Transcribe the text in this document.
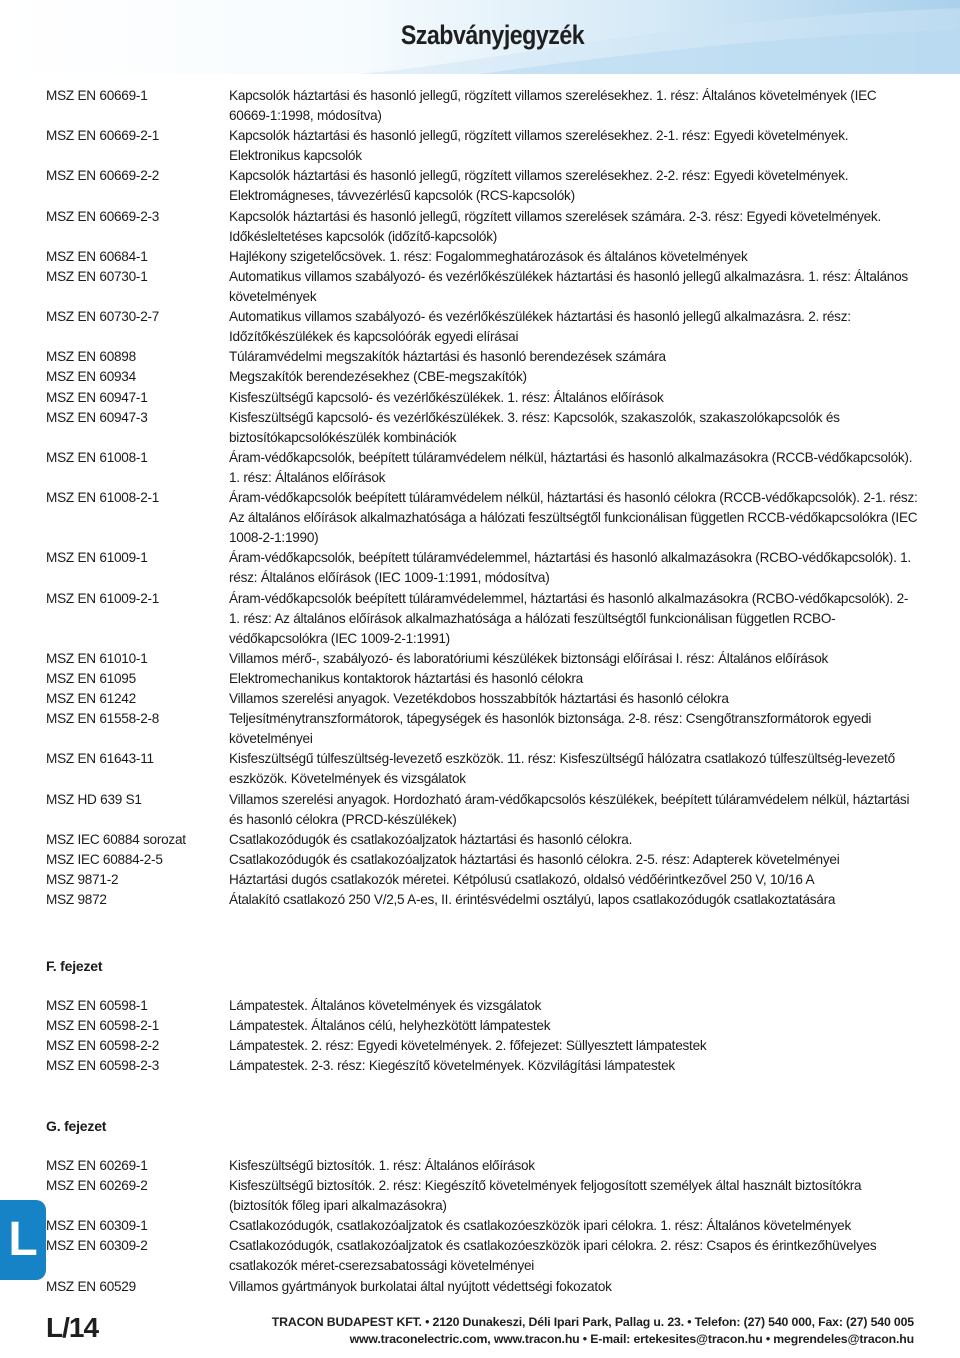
Szabványjegyzék
MSZ EN 60669-1	Kapcsolók háztartási és hasonló jellegű, rögzített villamos szerelésekhez. 1. rész: Általános követelmények (IEC 60669-1:1998, módosítva)
MSZ EN 60669-2-1	Kapcsolók háztartási és hasonló jellegű, rögzített villamos szerelésekhez. 2-1. rész: Egyedi követelmények. Elektronikus kapcsolók
MSZ EN 60669-2-2	Kapcsolók háztartási és hasonló jellegű, rögzített villamos szerelésekhez. 2-2. rész: Egyedi követelmények. Elektromágneses, távvezérlésű kapcsolók (RCS-kapcsolók)
MSZ EN 60669-2-3	Kapcsolók háztartási és hasonló jellegű, rögzített villamos szerelések számára. 2-3. rész: Egyedi követelmények. Időkésleltetéses kapcsolók (időzítő-kapcsolók)
MSZ EN 60684-1	Hajlékony szigetelőcsövek. 1. rész: Fogalommeghatározások és általános követelmények
MSZ EN 60730-1	Automatikus villamos szabályozó- és vezérlőkészülékek háztartási és hasonló jellegű alkalmazásra. 1. rész: Általános követelmények
MSZ EN 60730-2-7	Automatikus villamos szabályozó- és vezérlőkészülékek háztartási és hasonló jellegű alkalmazásra. 2. rész: Időzítőkészülékek és kapcsolóórák egyedi elírásai
MSZ EN 60898	Túláramvédelmi megszakítók háztartási és hasonló berendezések számára
MSZ EN 60934	Megszakítók berendezésekhez (CBE-megszakítók)
MSZ EN 60947-1	Kisfeszültségű kapcsoló- és vezérlőkészülékek. 1. rész: Általános előírások
MSZ EN 60947-3	Kisfeszültségű kapcsoló- és vezérlőkészülékek. 3. rész: Kapcsolók, szakaszolók, szakaszolókapcsolók és biztosítókapcsolókészülék kombinációk
MSZ EN 61008-1	Áram-védőkapcsolók, beépített túláramvédelem nélkül, háztartási és hasonló alkalmazásokra (RCCB-védőkapcsolók). 1. rész: Általános előírások
MSZ EN 61008-2-1	Áram-védőkapcsolók beépített túláramvédelem nélkül, háztartási és hasonló célokra (RCCB-védőkapcsolók). 2-1. rész: Az általános előírások alkalmazhatósága a hálózati feszültségtől funkcionálisan független RCCB-védőkapcsolókra (IEC 1008-2-1:1990)
MSZ EN 61009-1	Áram-védőkapcsolók, beépített túláramvédelemmel, háztartási és hasonló alkalmazásokra (RCBO-védőkapcsolók). 1. rész: Általános előírások (IEC 1009-1:1991, módosítva)
MSZ EN 61009-2-1	Áram-védőkapcsolók beépített túláramvédelemmel, háztartási és hasonló alkalmazásokra (RCBO-védőkapcsolók). 2-1. rész: Az általános előírások alkalmazhatósága a hálózati feszültségtől funkcionálisan független RCBO-védőkapcsolókra (IEC 1009-2-1:1991)
MSZ EN 61010-1	Villamos mérő-, szabályozó- és laboratóriumi készülékek biztonsági előírásai I. rész: Általános előírások
MSZ EN 61095	Elektromechanikus kontaktorok háztartási és hasonló célokra
MSZ EN 61242	Villamos szerelési anyagok. Vezetékdobos hosszabbítók háztartási és hasonló célokra
MSZ EN 61558-2-8	Teljesítménytranszformátorok, tápegységek és hasonlók biztonsága. 2-8. rész: Csengőtranszformátorok egyedi követelményei
MSZ EN 61643-11	Kisfeszültségű túlfeszültség-levezető eszközök. 11. rész: Kisfeszültségű hálózatra csatlakozó túlfeszültség-levezető eszközök. Követelmények és vizsgálatok
MSZ HD 639 S1	Villamos szerelési anyagok. Hordozható áram-védőkapcsolós készülékek, beépített túláramvédelem nélkül, háztartási és hasonló célokra (PRCD-készülékek)
MSZ IEC 60884 sorozat	Csatlakozódugók és csatlakozóaljzatok háztartási és hasonló célokra.
MSZ IEC 60884-2-5	Csatlakozódugók és csatlakozóaljzatok háztartási és hasonló célokra. 2-5. rész: Adapterek követelményei
MSZ 9871-2	Háztartási dugós csatlakozók méretei. Kétpólusú csatlakozó, oldalsó védőérintkezővel 250 V, 10/16 A
MSZ 9872	Átalakító csatlakozó 250 V/2,5 A-es, II. érintésvédelmi osztályú, lapos csatlakozódugók csatlakoztatására
F. fejezet
MSZ EN 60598-1	Lámpatestek. Általános követelmények és vizsgálatok
MSZ EN 60598-2-1	Lámpatestek. Általános célú, helyhezkötött lámpatestek
MSZ EN 60598-2-2	Lámpatestek. 2. rész: Egyedi követelmények. 2. főfejezet: Süllyesztett lámpatestek
MSZ EN 60598-2-3	Lámpatestek. 2-3. rész: Kiegészítő követelmények. Közvilágítási lámpatestek
G. fejezet
MSZ EN 60269-1	Kisfeszültségű biztosítók. 1. rész: Általános előírások
MSZ EN 60269-2	Kisfeszültségű biztosítók. 2. rész: Kiegészítő követelmények feljogosított személyek által használt biztosítókra (biztosítók főleg ipari alkalmazásokra)
MSZ EN 60309-1	Csatlakozódugók, csatlakozóaljzatok és csatlakozóeszközök ipari célokra. 1. rész: Általános követelmények
MSZ EN 60309-2	Csatlakozódugók, csatlakozóaljzatok és csatlakozóeszközök ipari célokra. 2. rész: Csapos és érintkezőhüvelyes csatlakozók méret-cserezsabatossági követelményei
MSZ EN 60529	Villamos gyártmányok burkolatai által nyújtott védettségi fokozatok
L
L/14	TRACON BUDAPEST KFT. • 2120 Dunakeszi, Déli Ipari Park, Pallag u. 23. • Telefon: (27) 540 000, Fax: (27) 540 005
www.traconelectric.com, www.tracon.hu • E-mail: ertekesites@tracon.hu • megrendeles@tracon.hu
